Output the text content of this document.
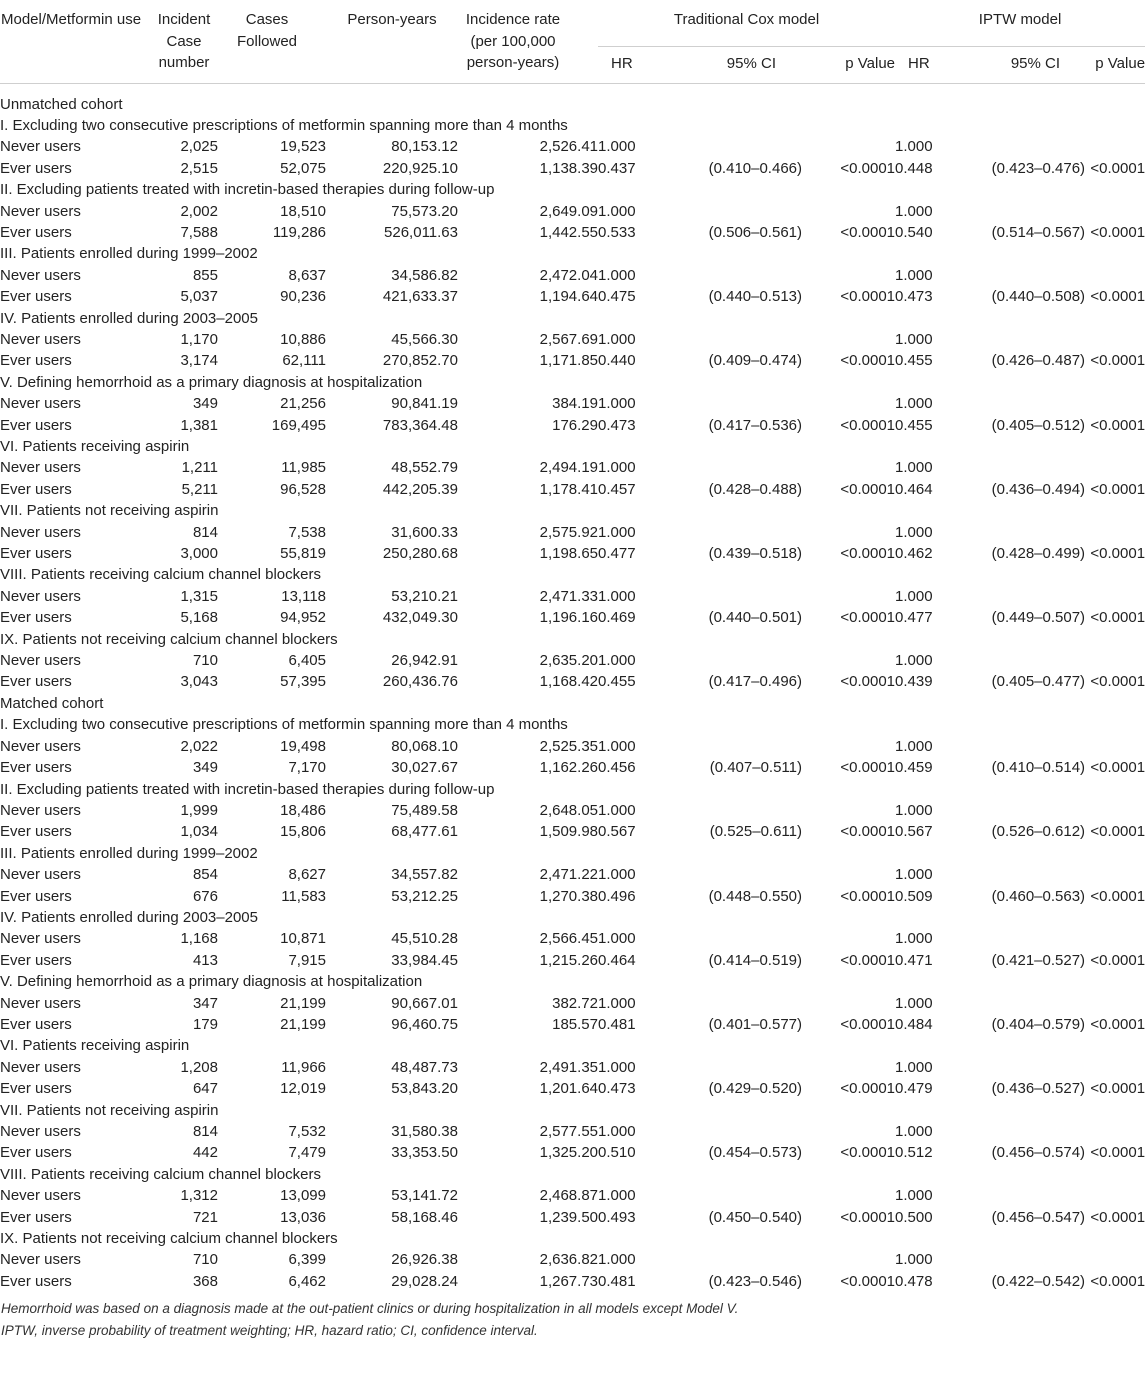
Model/Metformin use	Incident Case number	Cases Followed	Person-years	Incidence rate (per 100,000 person-years)	Traditional Cox model			IPTW model		
					HR	95% CI	p Value	HR	95% CI	p Value
Unmatched cohort										
I. Excluding two consecutive prescriptions of metformin spanning more than 4 months										
Never users	2,025	19,523	80,153.12	2,526.41	1.000			1.000		
Ever users	2,515	52,075	220,925.10	1,138.39	0.437	(0.410–0.466)	<0.0001	0.448	(0.423–0.476)	<0.0001
II. Excluding patients treated with incretin-based therapies during follow-up										
Never users	2,002	18,510	75,573.20	2,649.09	1.000			1.000		
Ever users	7,588	119,286	526,011.63	1,442.55	0.533	(0.506–0.561)	<0.0001	0.540	(0.514–0.567)	<0.0001
III. Patients enrolled during 1999–2002										
Never users	855	8,637	34,586.82	2,472.04	1.000			1.000		
Ever users	5,037	90,236	421,633.37	1,194.64	0.475	(0.440–0.513)	<0.0001	0.473	(0.440–0.508)	<0.0001
IV. Patients enrolled during 2003–2005										
Never users	1,170	10,886	45,566.30	2,567.69	1.000			1.000		
Ever users	3,174	62,111	270,852.70	1,171.85	0.440	(0.409–0.474)	<0.0001	0.455	(0.426–0.487)	<0.0001
V. Defining hemorrhoid as a primary diagnosis at hospitalization										
Never users	349	21,256	90,841.19	384.19	1.000			1.000		
Ever users	1,381	169,495	783,364.48	176.29	0.473	(0.417–0.536)	<0.0001	0.455	(0.405–0.512)	<0.0001
VI. Patients receiving aspirin										
Never users	1,211	11,985	48,552.79	2,494.19	1.000			1.000		
Ever users	5,211	96,528	442,205.39	1,178.41	0.457	(0.428–0.488)	<0.0001	0.464	(0.436–0.494)	<0.0001
VII. Patients not receiving aspirin										
Never users	814	7,538	31,600.33	2,575.92	1.000			1.000		
Ever users	3,000	55,819	250,280.68	1,198.65	0.477	(0.439–0.518)	<0.0001	0.462	(0.428–0.499)	<0.0001
VIII. Patients receiving calcium channel blockers										
Never users	1,315	13,118	53,210.21	2,471.33	1.000			1.000		
Ever users	5,168	94,952	432,049.30	1,196.16	0.469	(0.440–0.501)	<0.0001	0.477	(0.449–0.507)	<0.0001
IX. Patients not receiving calcium channel blockers										
Never users	710	6,405	26,942.91	2,635.20	1.000			1.000		
Ever users	3,043	57,395	260,436.76	1,168.42	0.455	(0.417–0.496)	<0.0001	0.439	(0.405–0.477)	<0.0001
Matched cohort										
I. Excluding two consecutive prescriptions of metformin spanning more than 4 months										
Never users	2,022	19,498	80,068.10	2,525.35	1.000			1.000		
Ever users	349	7,170	30,027.67	1,162.26	0.456	(0.407–0.511)	<0.0001	0.459	(0.410–0.514)	<0.0001
II. Excluding patients treated with incretin-based therapies during follow-up										
Never users	1,999	18,486	75,489.58	2,648.05	1.000			1.000		
Ever users	1,034	15,806	68,477.61	1,509.98	0.567	(0.525–0.611)	<0.0001	0.567	(0.526–0.612)	<0.0001
III. Patients enrolled during 1999–2002										
Never users	854	8,627	34,557.82	2,471.22	1.000			1.000		
Ever users	676	11,583	53,212.25	1,270.38	0.496	(0.448–0.550)	<0.0001	0.509	(0.460–0.563)	<0.0001
IV. Patients enrolled during 2003–2005										
Never users	1,168	10,871	45,510.28	2,566.45	1.000			1.000		
Ever users	413	7,915	33,984.45	1,215.26	0.464	(0.414–0.519)	<0.0001	0.471	(0.421–0.527)	<0.0001
V. Defining hemorrhoid as a primary diagnosis at hospitalization										
Never users	347	21,199	90,667.01	382.72	1.000			1.000		
Ever users	179	21,199	96,460.75	185.57	0.481	(0.401–0.577)	<0.0001	0.484	(0.404–0.579)	<0.0001
VI. Patients receiving aspirin										
Never users	1,208	11,966	48,487.73	2,491.35	1.000			1.000		
Ever users	647	12,019	53,843.20	1,201.64	0.473	(0.429–0.520)	<0.0001	0.479	(0.436–0.527)	<0.0001
VII. Patients not receiving aspirin										
Never users	814	7,532	31,580.38	2,577.55	1.000			1.000		
Ever users	442	7,479	33,353.50	1,325.20	0.510	(0.454–0.573)	<0.0001	0.512	(0.456–0.574)	<0.0001
VIII. Patients receiving calcium channel blockers										
Never users	1,312	13,099	53,141.72	2,468.87	1.000			1.000		
Ever users	721	13,036	58,168.46	1,239.50	0.493	(0.450–0.540)	<0.0001	0.500	(0.456–0.547)	<0.0001
IX. Patients not receiving calcium channel blockers										
Never users	710	6,399	26,926.38	2,636.82	1.000			1.000		
Ever users	368	6,462	29,028.24	1,267.73	0.481	(0.423–0.546)	<0.0001	0.478	(0.422–0.542)	<0.0001
Hemorrhoid was based on a diagnosis made at the out-patient clinics or during hospitalization in all models except Model V.
IPTW, inverse probability of treatment weighting; HR, hazard ratio; CI, confidence interval.
